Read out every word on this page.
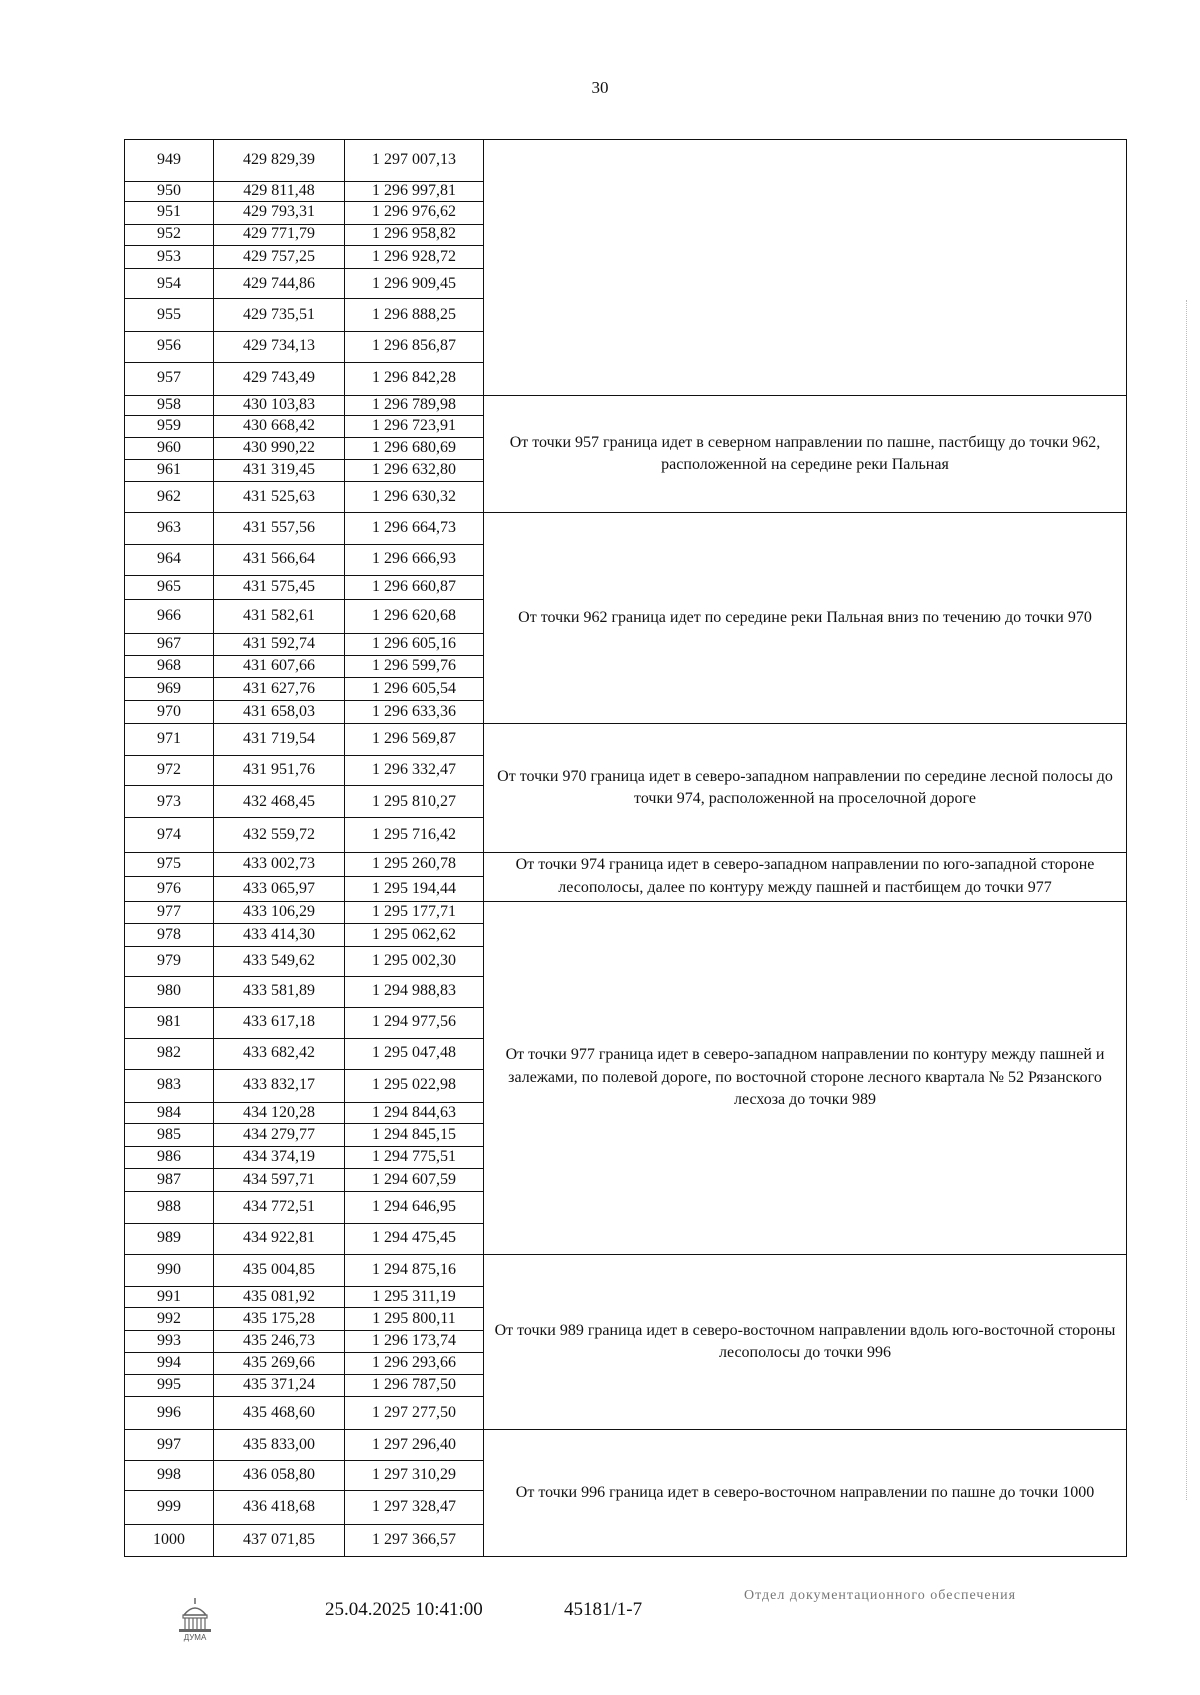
30
949	429 829,39	1 297 007,13	
950	429 811,48	1 296 997,81	
951	429 793,31	1 296 976,62	
952	429 771,79	1 296 958,82	
953	429 757,25	1 296 928,72	
954	429 744,86	1 296 909,45	
955	429 735,51	1 296 888,25	
956	429 734,13	1 296 856,87	
957	429 743,49	1 296 842,28	
958	430 103,83	1 296 789,98	От точки 957 граница идет в северном направлении по пашне, пастбищу до точки 962, расположенной на середине реки Пальная
959	430 668,42	1 296 723,91	
960	430 990,22	1 296 680,69	
961	431 319,45	1 296 632,80	
962	431 525,63	1 296 630,32	
963	431 557,56	1 296 664,73	От точки 962 граница идет по середине реки Пальная вниз по течению до точки 970
964	431 566,64	1 296 666,93	
965	431 575,45	1 296 660,87	
966	431 582,61	1 296 620,68	
967	431 592,74	1 296 605,16	
968	431 607,66	1 296 599,76	
969	431 627,76	1 296 605,54	
970	431 658,03	1 296 633,36	
971	431 719,54	1 296 569,87	От точки 970 граница идет в северо-западном направлении по середине лесной полосы до точки 974, расположенной на проселочной дороге
972	431 951,76	1 296 332,47	
973	432 468,45	1 295 810,27	
974	432 559,72	1 295 716,42	
975	433 002,73	1 295 260,78	От точки 974 граница идет в северо-западном направлении по юго-западной стороне лесополосы, далее по контуру между пашней и пастбищем до точки 977
976	433 065,97	1 295 194,44	
977	433 106,29	1 295 177,71	От точки 977 граница идет в северо-западном направлении по контуру между пашней и залежами, по полевой дороге, по восточной стороне лесного квартала № 52 Рязанского лесхоза до точки 989
978	433 414,30	1 295 062,62	
979	433 549,62	1 295 002,30	
980	433 581,89	1 294 988,83	
981	433 617,18	1 294 977,56	
982	433 682,42	1 295 047,48	
983	433 832,17	1 295 022,98	
984	434 120,28	1 294 844,63	
985	434 279,77	1 294 845,15	
986	434 374,19	1 294 775,51	
987	434 597,71	1 294 607,59	
988	434 772,51	1 294 646,95	
989	434 922,81	1 294 475,45	
990	435 004,85	1 294 875,16	От точки 989 граница идет в северо-восточном направлении вдоль юго-восточной стороны лесополосы до точки 996
991	435 081,92	1 295 311,19	
992	435 175,28	1 295 800,11	
993	435 246,73	1 296 173,74	
994	435 269,66	1 296 293,66	
995	435 371,24	1 296 787,50	
996	435 468,60	1 297 277,50	
997	435 833,00	1 297 296,40	От точки 996 граница идет в северо-восточном направлении по пашне до точки 1000
998	436 058,80	1 297 310,29	
999	436 418,68	1 297 328,47	
1000	437 071,85	1 297 366,57	
ДУМА
25.04.2025 10:41:00	45181/1-7
Отдел документационного обеспечения
